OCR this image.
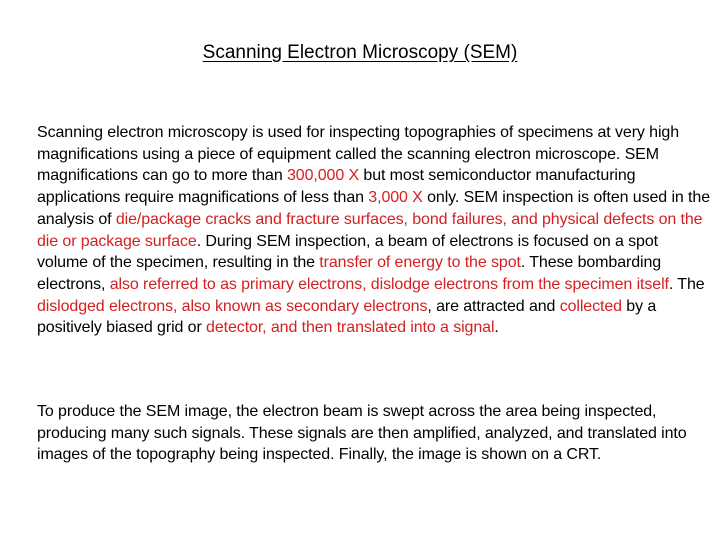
Scanning Electron Microscopy (SEM)

Scanning electron microscopy is used for inspecting topographies of specimens at very high magnifications using a piece of equipment called the scanning electron microscope. SEM magnifications can go to more than 300,000 X but most semiconductor manufacturing applications require magnifications of less than 3,000 X only. SEM inspection is often used in the analysis of die/package cracks and fracture surfaces, bond failures, and physical defects on the die or package surface. During SEM inspection, a beam of electrons is focused on a spot volume of the specimen, resulting in the transfer of energy to the spot. These bombarding electrons, also referred to as primary electrons, dislodge electrons from the specimen itself. The dislodged electrons, also known as secondary electrons, are attracted and collected by a positively biased grid or detector, and then translated into a signal.

To produce the SEM image, the electron beam is swept across the area being inspected, producing many such signals. These signals are then amplified, analyzed, and translated into images of the topography being inspected. Finally, the image is shown on a CRT.
